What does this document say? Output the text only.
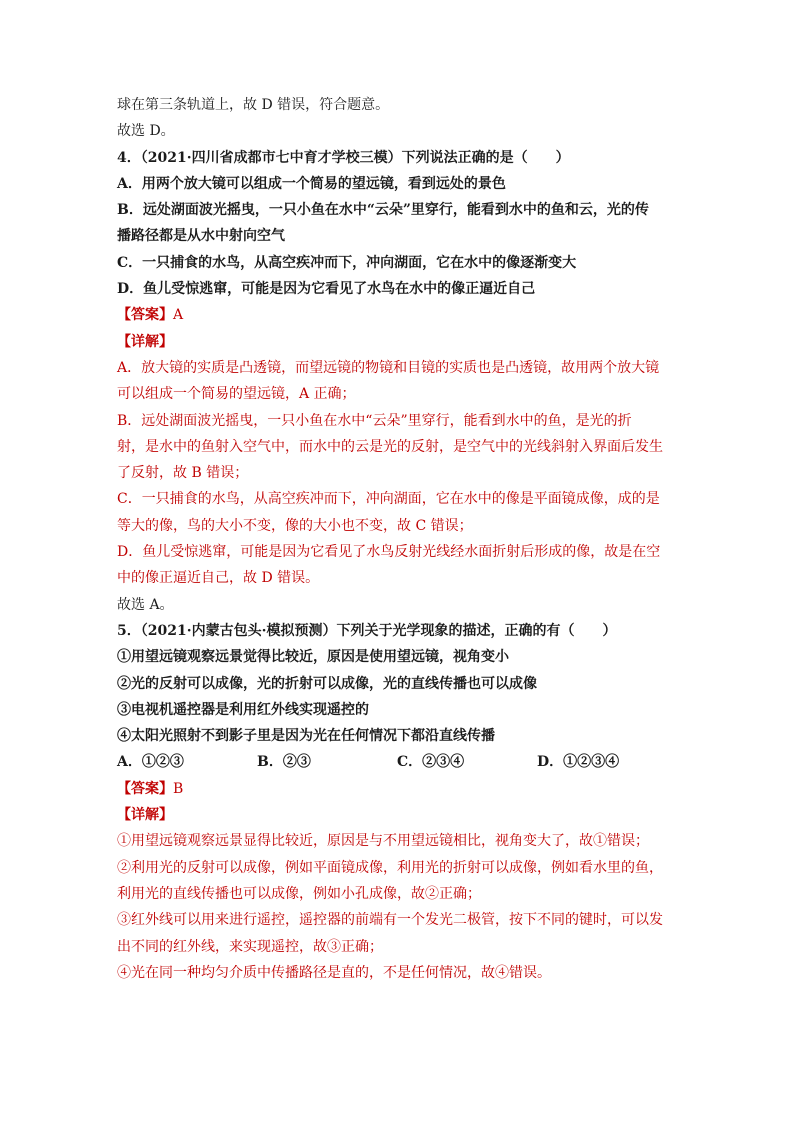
球在第三条轨道上，故 D 错误，符合题意。
故选 D。
4．（2021·四川省成都市七中育才学校三模）下列说法正确的是（　　）
A．用两个放大镜可以组成一个简易的望远镜，看到远处的景色
B．远处湖面波光摇曳，一只小鱼在水中“云朵”里穿行，能看到水中的鱼和云，光的传
播路径都是从水中射向空气
C．一只捕食的水鸟，从高空疾冲而下，冲向湖面，它在水中的像逐渐变大
D．鱼儿受惊逃窜，可能是因为它看见了水鸟在水中的像正逼近自己
【答案】A
【详解】
A．放大镜的实质是凸透镜，而望远镜的物镜和目镜的实质也是凸透镜，故用两个放大镜
可以组成一个简易的望远镜，A 正确；
B．远处湖面波光摇曳，一只小鱼在水中“云朵”里穿行，能看到水中的鱼，是光的折
射，是水中的鱼射入空气中，而水中的云是光的反射，是空气中的光线斜射入界面后发生
了反射，故 B 错误；
C．一只捕食的水鸟，从高空疾冲而下，冲向湖面，它在水中的像是平面镜成像，成的是
等大的像，鸟的大小不变，像的大小也不变，故 C 错误；
D．鱼儿受惊逃窜，可能是因为它看见了水鸟反射光线经水面折射后形成的像，故是在空
中的像正逼近自己，故 D 错误。
故选 A。
5．（2021·内蒙古包头·模拟预测）下列关于光学现象的描述，正确的有（　　）
①用望远镜观察远景觉得比较近，原因是使用望远镜，视角变小
②光的反射可以成像，光的折射可以成像，光的直线传播也可以成像
③电视机遥控器是利用红外线实现遥控的
④太阳光照射不到影子里是因为光在任何情况下都沿直线传播
A．①②③	B．②③	C．②③④	D．①②③④
【答案】B
【详解】
①用望远镜观察远景显得比较近，原因是与不用望远镜相比，视角变大了，故①错误；
②利用光的反射可以成像，例如平面镜成像，利用光的折射可以成像，例如看水里的鱼，
利用光的直线传播也可以成像，例如小孔成像，故②正确；
③红外线可以用来进行遥控，遥控器的前端有一个发光二极管，按下不同的键时，可以发
出不同的红外线，来实现遥控，故③正确；
④光在同一种均匀介质中传播路径是直的，不是任何情况，故④错误。
